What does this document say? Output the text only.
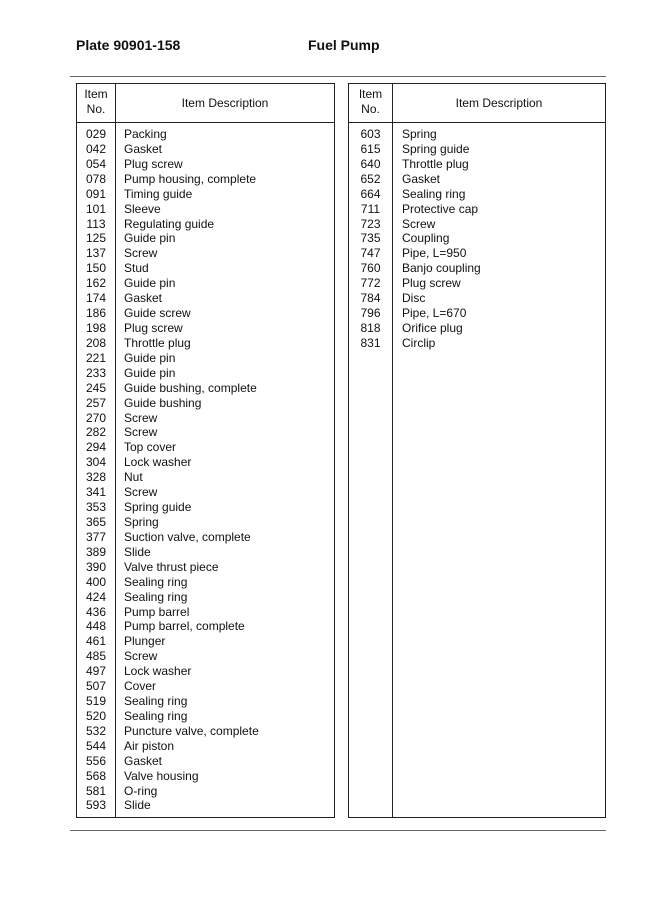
Plate 90901-158	Fuel Pump
Item
No.	Item Description
029	Packing
042	Gasket
054	Plug screw
078	Pump housing, complete
091	Timing guide
101	Sleeve
113	Regulating guide
125	Guide pin
137	Screw
150	Stud
162	Guide pin
174	Gasket
186	Guide screw
198	Plug screw
208	Throttle plug
221	Guide pin
233	Guide pin
245	Guide bushing, complete
257	Guide bushing
270	Screw
282	Screw
294	Top cover
304	Lock washer
328	Nut
341	Screw
353	Spring guide
365	Spring
377	Suction valve, complete
389	Slide
390	Valve thrust piece
400	Sealing ring
424	Sealing ring
436	Pump barrel
448	Pump barrel, complete
461	Plunger
485	Screw
497	Lock washer
507	Cover
519	Sealing ring
520	Sealing ring
532	Puncture valve, complete
544	Air piston
556	Gasket
568	Valve housing
581	O-ring
593	Slide
Item
No.	Item Description
603	Spring
615	Spring guide
640	Throttle plug
652	Gasket
664	Sealing ring
711	Protective cap
723	Screw
735	Coupling
747	Pipe, L=950
760	Banjo coupling
772	Plug screw
784	Disc
796	Pipe, L=670
818	Orifice plug
831	Circlip
